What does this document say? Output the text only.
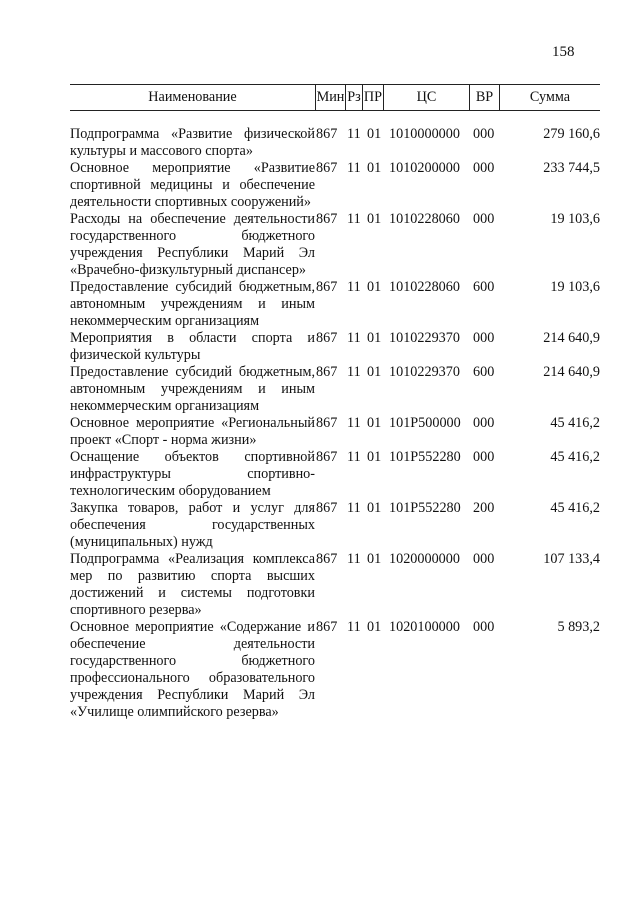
158
Наименование	Мин Рз ПР	ЦС	ВР	Сумма
Подпрограмма «Развитие физической культуры и массового спорта»
867 11 01 1010000000 000	279 160,6
Основное мероприятие «Развитие спортивной медицины и обеспечение деятельности спортивных сооружений»
867 11 01 1010200000 000	233 744,5
Расходы на обеспечение деятельности государственного бюджетного учреждения Республики Марий Эл «Врачебно-физкультурный диспансер»
867 11 01 1010228060 000	19 103,6
Предоставление субсидий бюджетным, автономным учреждениям и иным некоммерческим организациям
867 11 01 1010228060 600	19 103,6
Мероприятия в области спорта и физической культуры
867 11 01 1010229370 000	214 640,9
Предоставление субсидий бюджетным, автономным учреждениям и иным некоммерческим организациям
867 11 01 1010229370 600	214 640,9
Основное мероприятие «Региональный проект «Спорт - норма жизни»
867 11 01 101P500000 000	45 416,2
Оснащение объектов спортивной инфраструктуры спортивно-технологическим оборудованием
867 11 01 101P552280 000	45 416,2
Закупка товаров, работ и услуг для обеспечения государственных (муниципальных) нужд
867 11 01 101P552280 200	45 416,2
Подпрограмма «Реализация комплекса мер по развитию спорта высших достижений и системы подготовки спортивного резерва»
867 11 01 1020000000 000	107 133,4
Основное мероприятие «Содержание и обеспечение деятельности государственного бюджетного профессионального образовательного учреждения Республики Марий Эл «Училище олимпийского резерва»
867 11 01 1020100000 000	5 893,2
